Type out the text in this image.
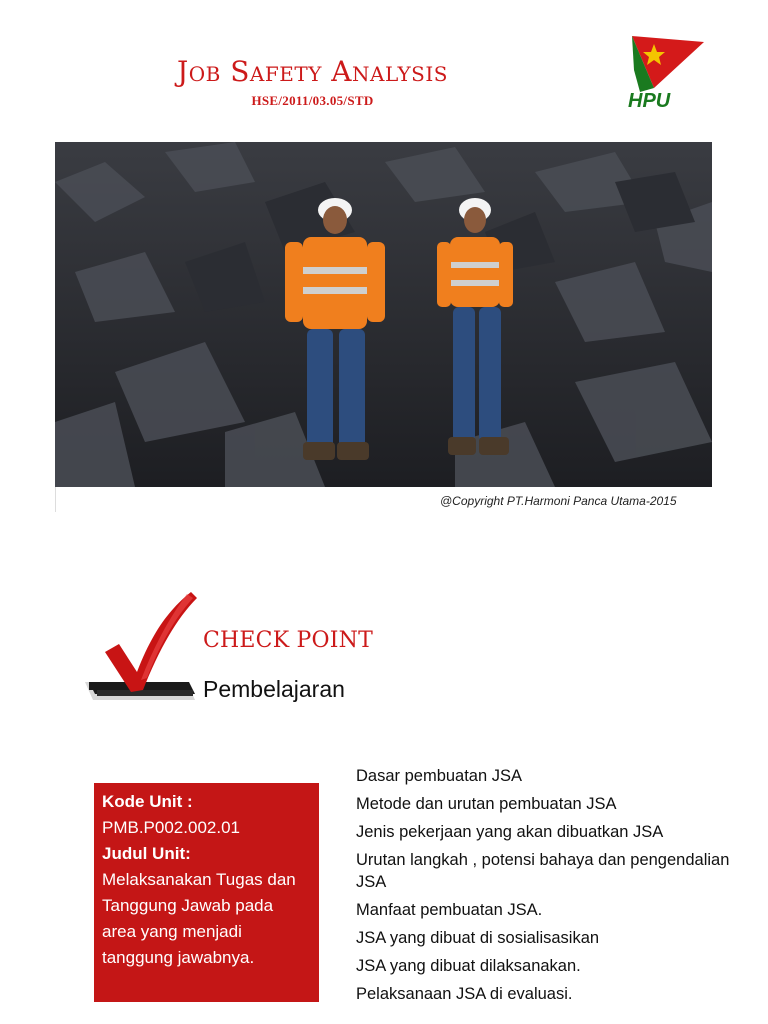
Job Safety Analysis
HSE/2011/03.05/STD	HPU
@Copyright PT.Harmoni Panca Utama-2015
CHECK POINT
Pembelajaran
Kode Unit :
PMB.P002.002.01
Judul Unit:
Melaksanakan Tugas dan Tanggung Jawab pada area yang menjadi tanggung jawabnya.
Dasar pembuatan JSA
Metode dan urutan pembuatan JSA
Jenis pekerjaan yang akan dibuatkan JSA
Urutan langkah , potensi bahaya dan pengendalian JSA
Manfaat pembuatan JSA.
JSA yang dibuat di sosialisasikan
JSA yang dibuat dilaksanakan.
Pelaksanaan JSA di evaluasi.
